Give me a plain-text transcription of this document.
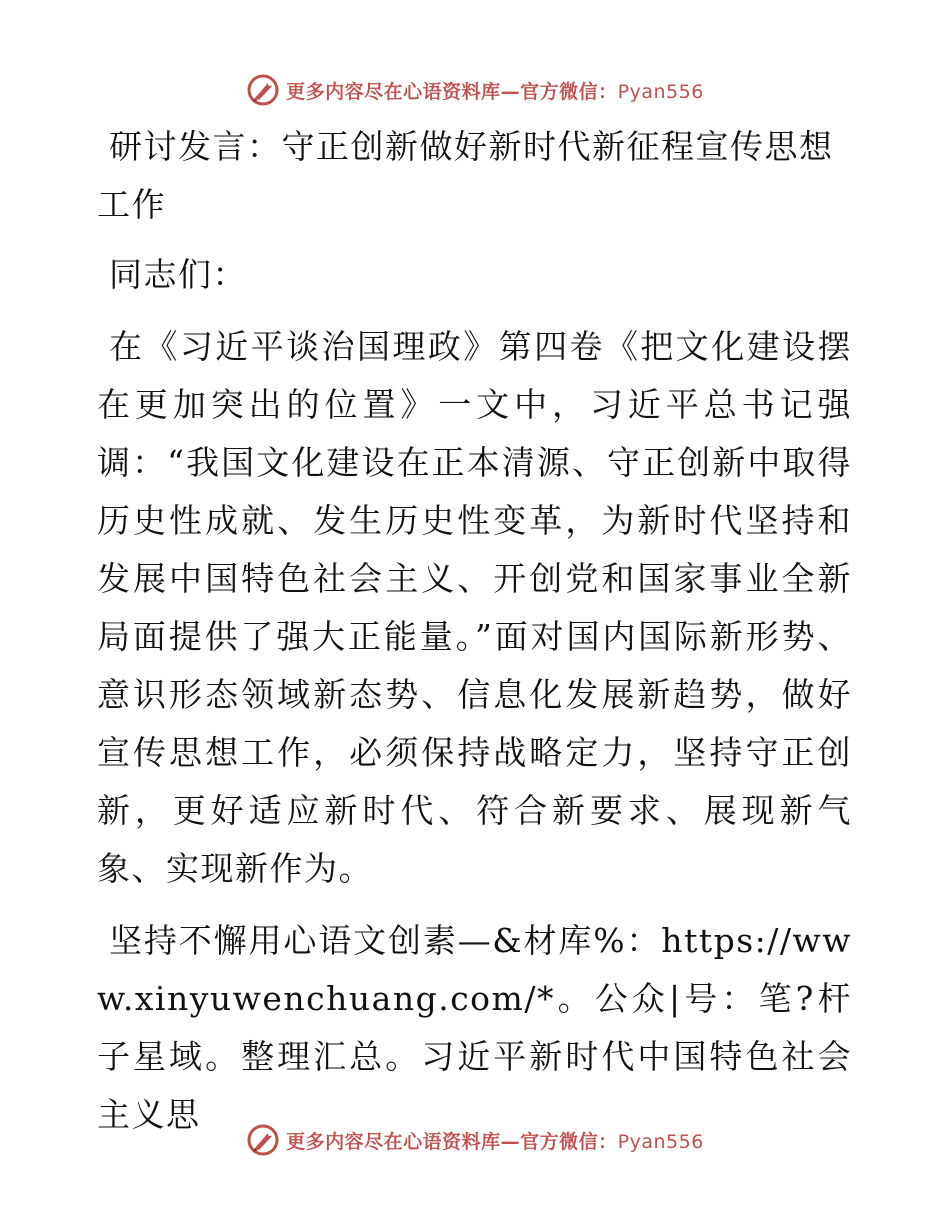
更多内容尽在心语资料库—官方微信：Pyan556

研讨发言：守正创新做好新时代新征程宣传思想工作

同志们：

在《习近平谈治国理政》第四卷《把文化建设摆在更加突出的位置》一文中，习近平总书记强调：“我国文化建设在正本清源、守正创新中取得历史性成就、发生历史性变革，为新时代坚持和发展中国特色社会主义、开创党和国家事业全新局面提供了强大正能量。”面对国内国际新形势、意识形态领域新态势、信息化发展新趋势，做好宣传思想工作，必须保持战略定力，坚持守正创新，更好适应新时代、符合新要求、展现新气象、实现新作为。

坚持不懈用心语文创素—&材库%：https://www.xinyuwenchuang.com/*。公众|号：笔?杆子星域。整理汇总。习近平新时代中国特色社会主义思

更多内容尽在心语资料库—官方微信：Pyan556
